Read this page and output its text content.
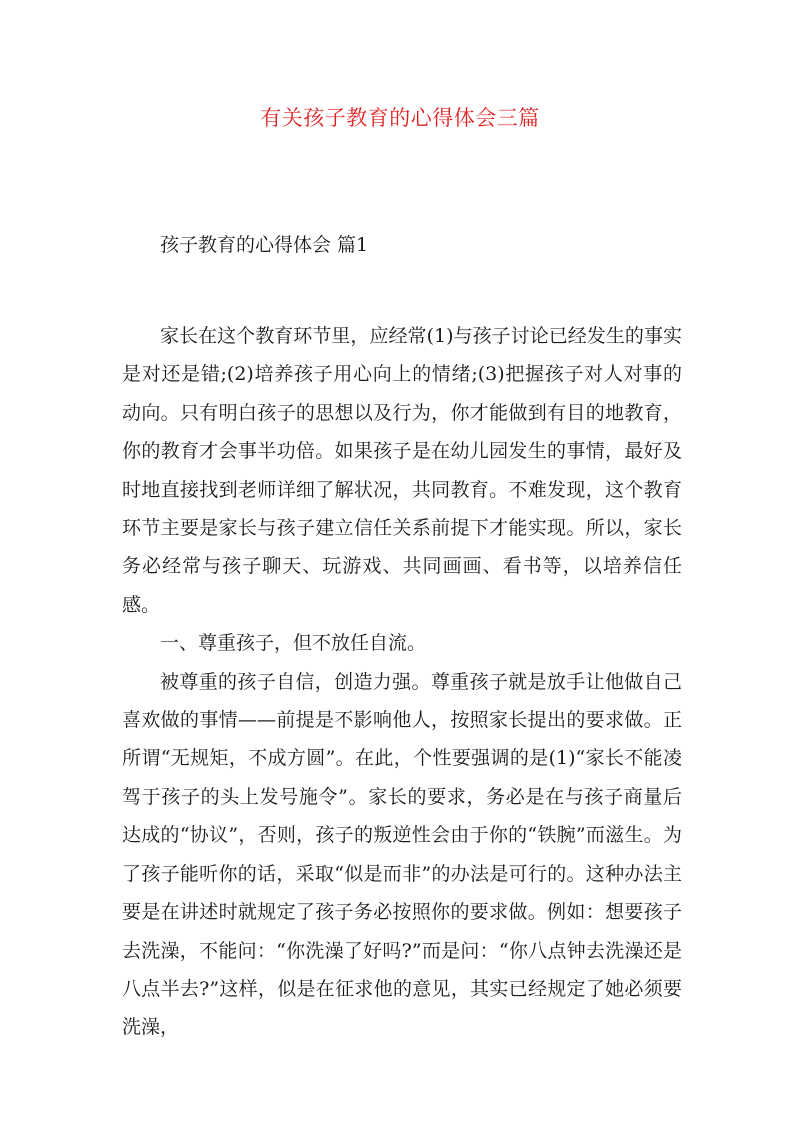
有关孩子教育的心得体会三篇
孩子教育的心得体会 篇1

家长在这个教育环节里，应经常(1)与孩子讨论已经发生的事实是对还是错;(2)培养孩子用心向上的情绪;(3)把握孩子对人对事的动向。只有明白孩子的思想以及行为，你才能做到有目的地教育，你的教育才会事半功倍。如果孩子是在幼儿园发生的事情，最好及时地直接找到老师详细了解状况，共同教育。不难发现，这个教育环节主要是家长与孩子建立信任关系前提下才能实现。所以，家长务必经常与孩子聊天、玩游戏、共同画画、看书等，以培养信任感。

一、尊重孩子，但不放任自流。

被尊重的孩子自信，创造力强。尊重孩子就是放手让他做自己喜欢做的事情——前提是不影响他人，按照家长提出的要求做。正所谓“无规矩，不成方圆”。在此，个性要强调的是(1)“家长不能凌驾于孩子的头上发号施令”。家长的要求，务必是在与孩子商量后达成的“协议”，否则，孩子的叛逆性会由于你的“铁腕”而滋生。为了孩子能听你的话，采取“似是而非”的办法是可行的。这种办法主要是在讲述时就规定了孩子务必按照你的要求做。例如：想要孩子去洗澡，不能问：“你洗澡了好吗?”而是问：“你八点钟去洗澡还是八点半去?”这样，似是在征求他的意见，其实已经规定了她必须要洗澡，
